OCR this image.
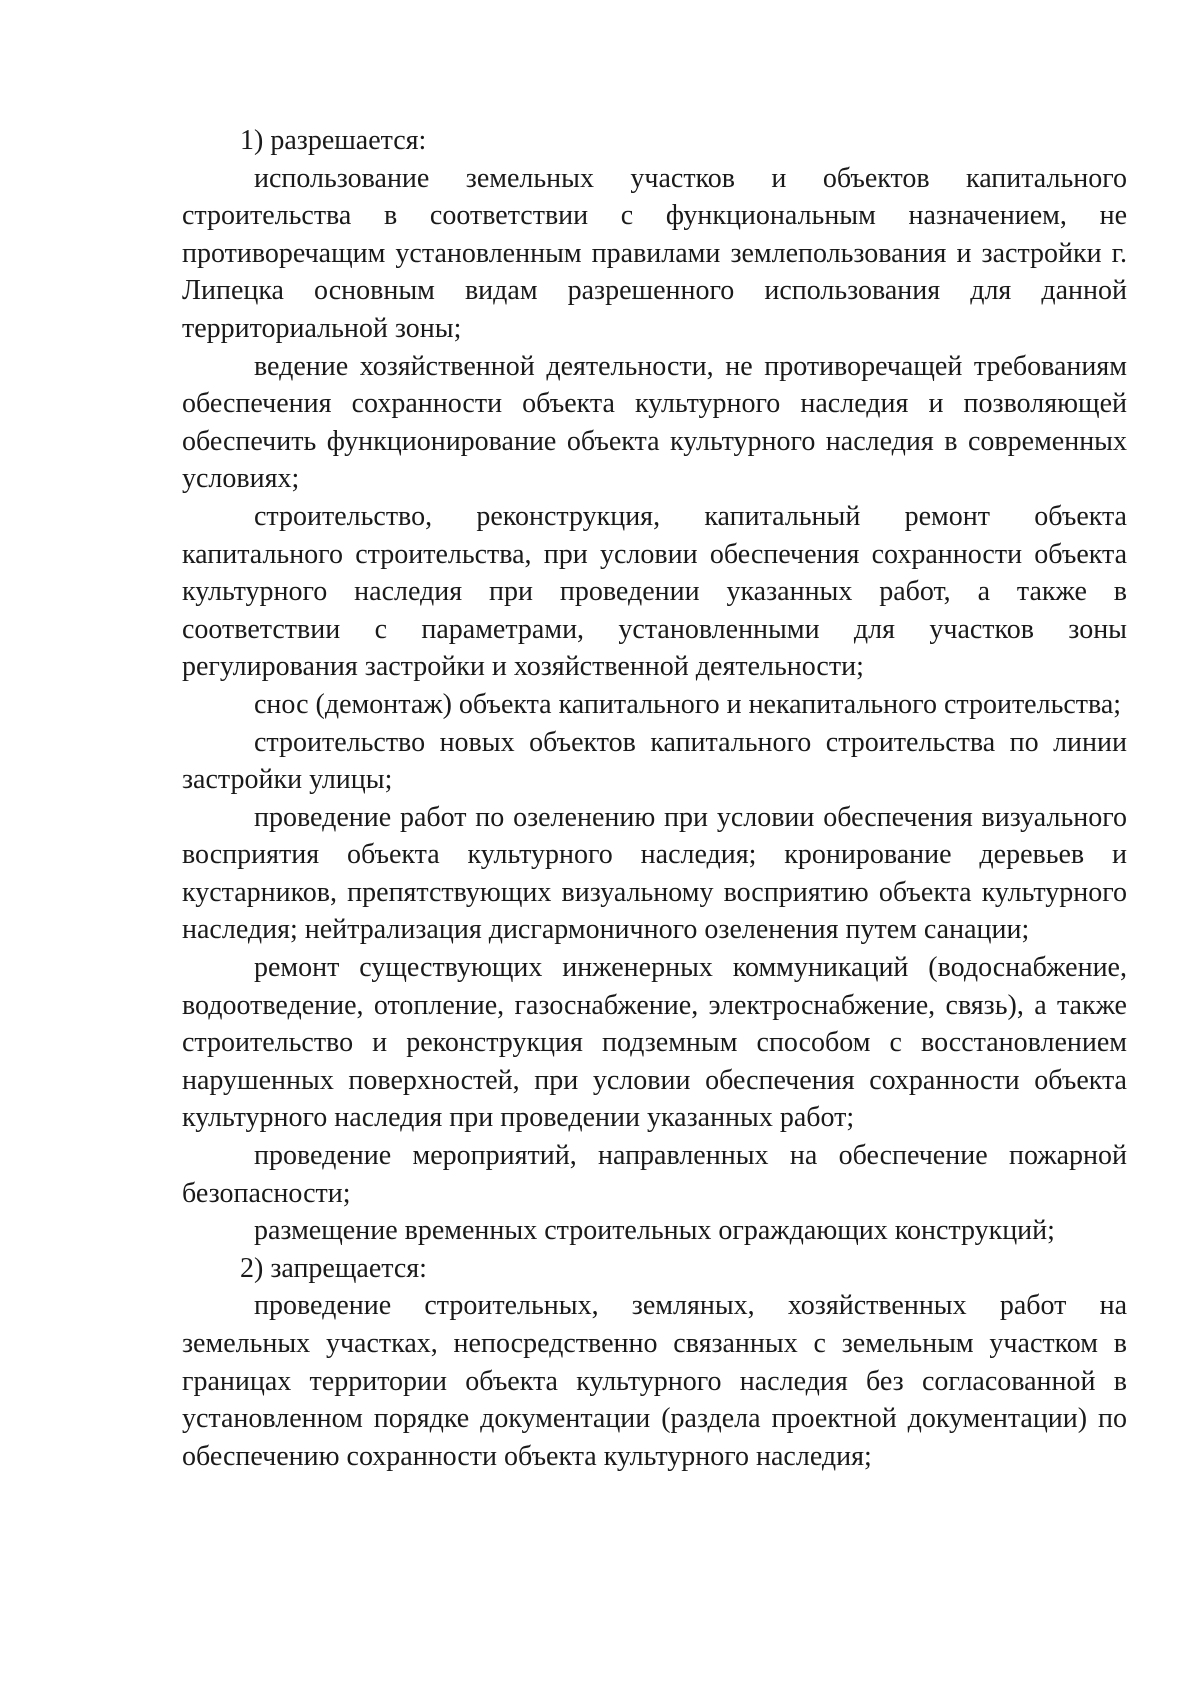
1) разрешается:

использование земельных участков и объектов капитального строительства в соответствии с функциональным назначением, не противоречащим установленным правилами землепользования и застройки г. Липецка основным видам разрешенного использования для данной территориальной зоны;

ведение хозяйственной деятельности, не противоречащей требованиям обеспечения сохранности объекта культурного наследия и позволяющей обеспечить функционирование объекта культурного наследия в современных условиях;

строительство, реконструкция, капитальный ремонт объекта капитального строительства, при условии обеспечения сохранности объекта культурного наследия при проведении указанных работ, а также в соответствии с параметрами, установленными для участков зоны регулирования застройки и хозяйственной деятельности;

снос (демонтаж) объекта капитального и некапитального строительства;

строительство новых объектов капитального строительства по линии застройки улицы;

проведение работ по озеленению при условии обеспечения визуального восприятия объекта культурного наследия; кронирование деревьев и кустарников, препятствующих визуальному восприятию объекта культурного наследия; нейтрализация дисгармоничного озеленения путем санации;

ремонт существующих инженерных коммуникаций (водоснабжение, водоотведение, отопление, газоснабжение, электроснабжение, связь), а также строительство и реконструкция подземным способом с восстановлением нарушенных поверхностей, при условии обеспечения сохранности объекта культурного наследия при проведении указанных работ;

проведение мероприятий, направленных на обеспечение пожарной безопасности;

размещение временных строительных ограждающих конструкций;

2) запрещается:

проведение строительных, земляных, хозяйственных работ на земельных участках, непосредственно связанных с земельным участком в границах территории объекта культурного наследия без согласованной в установленном порядке документации (раздела проектной документации) по обеспечению сохранности объекта культурного наследия;
